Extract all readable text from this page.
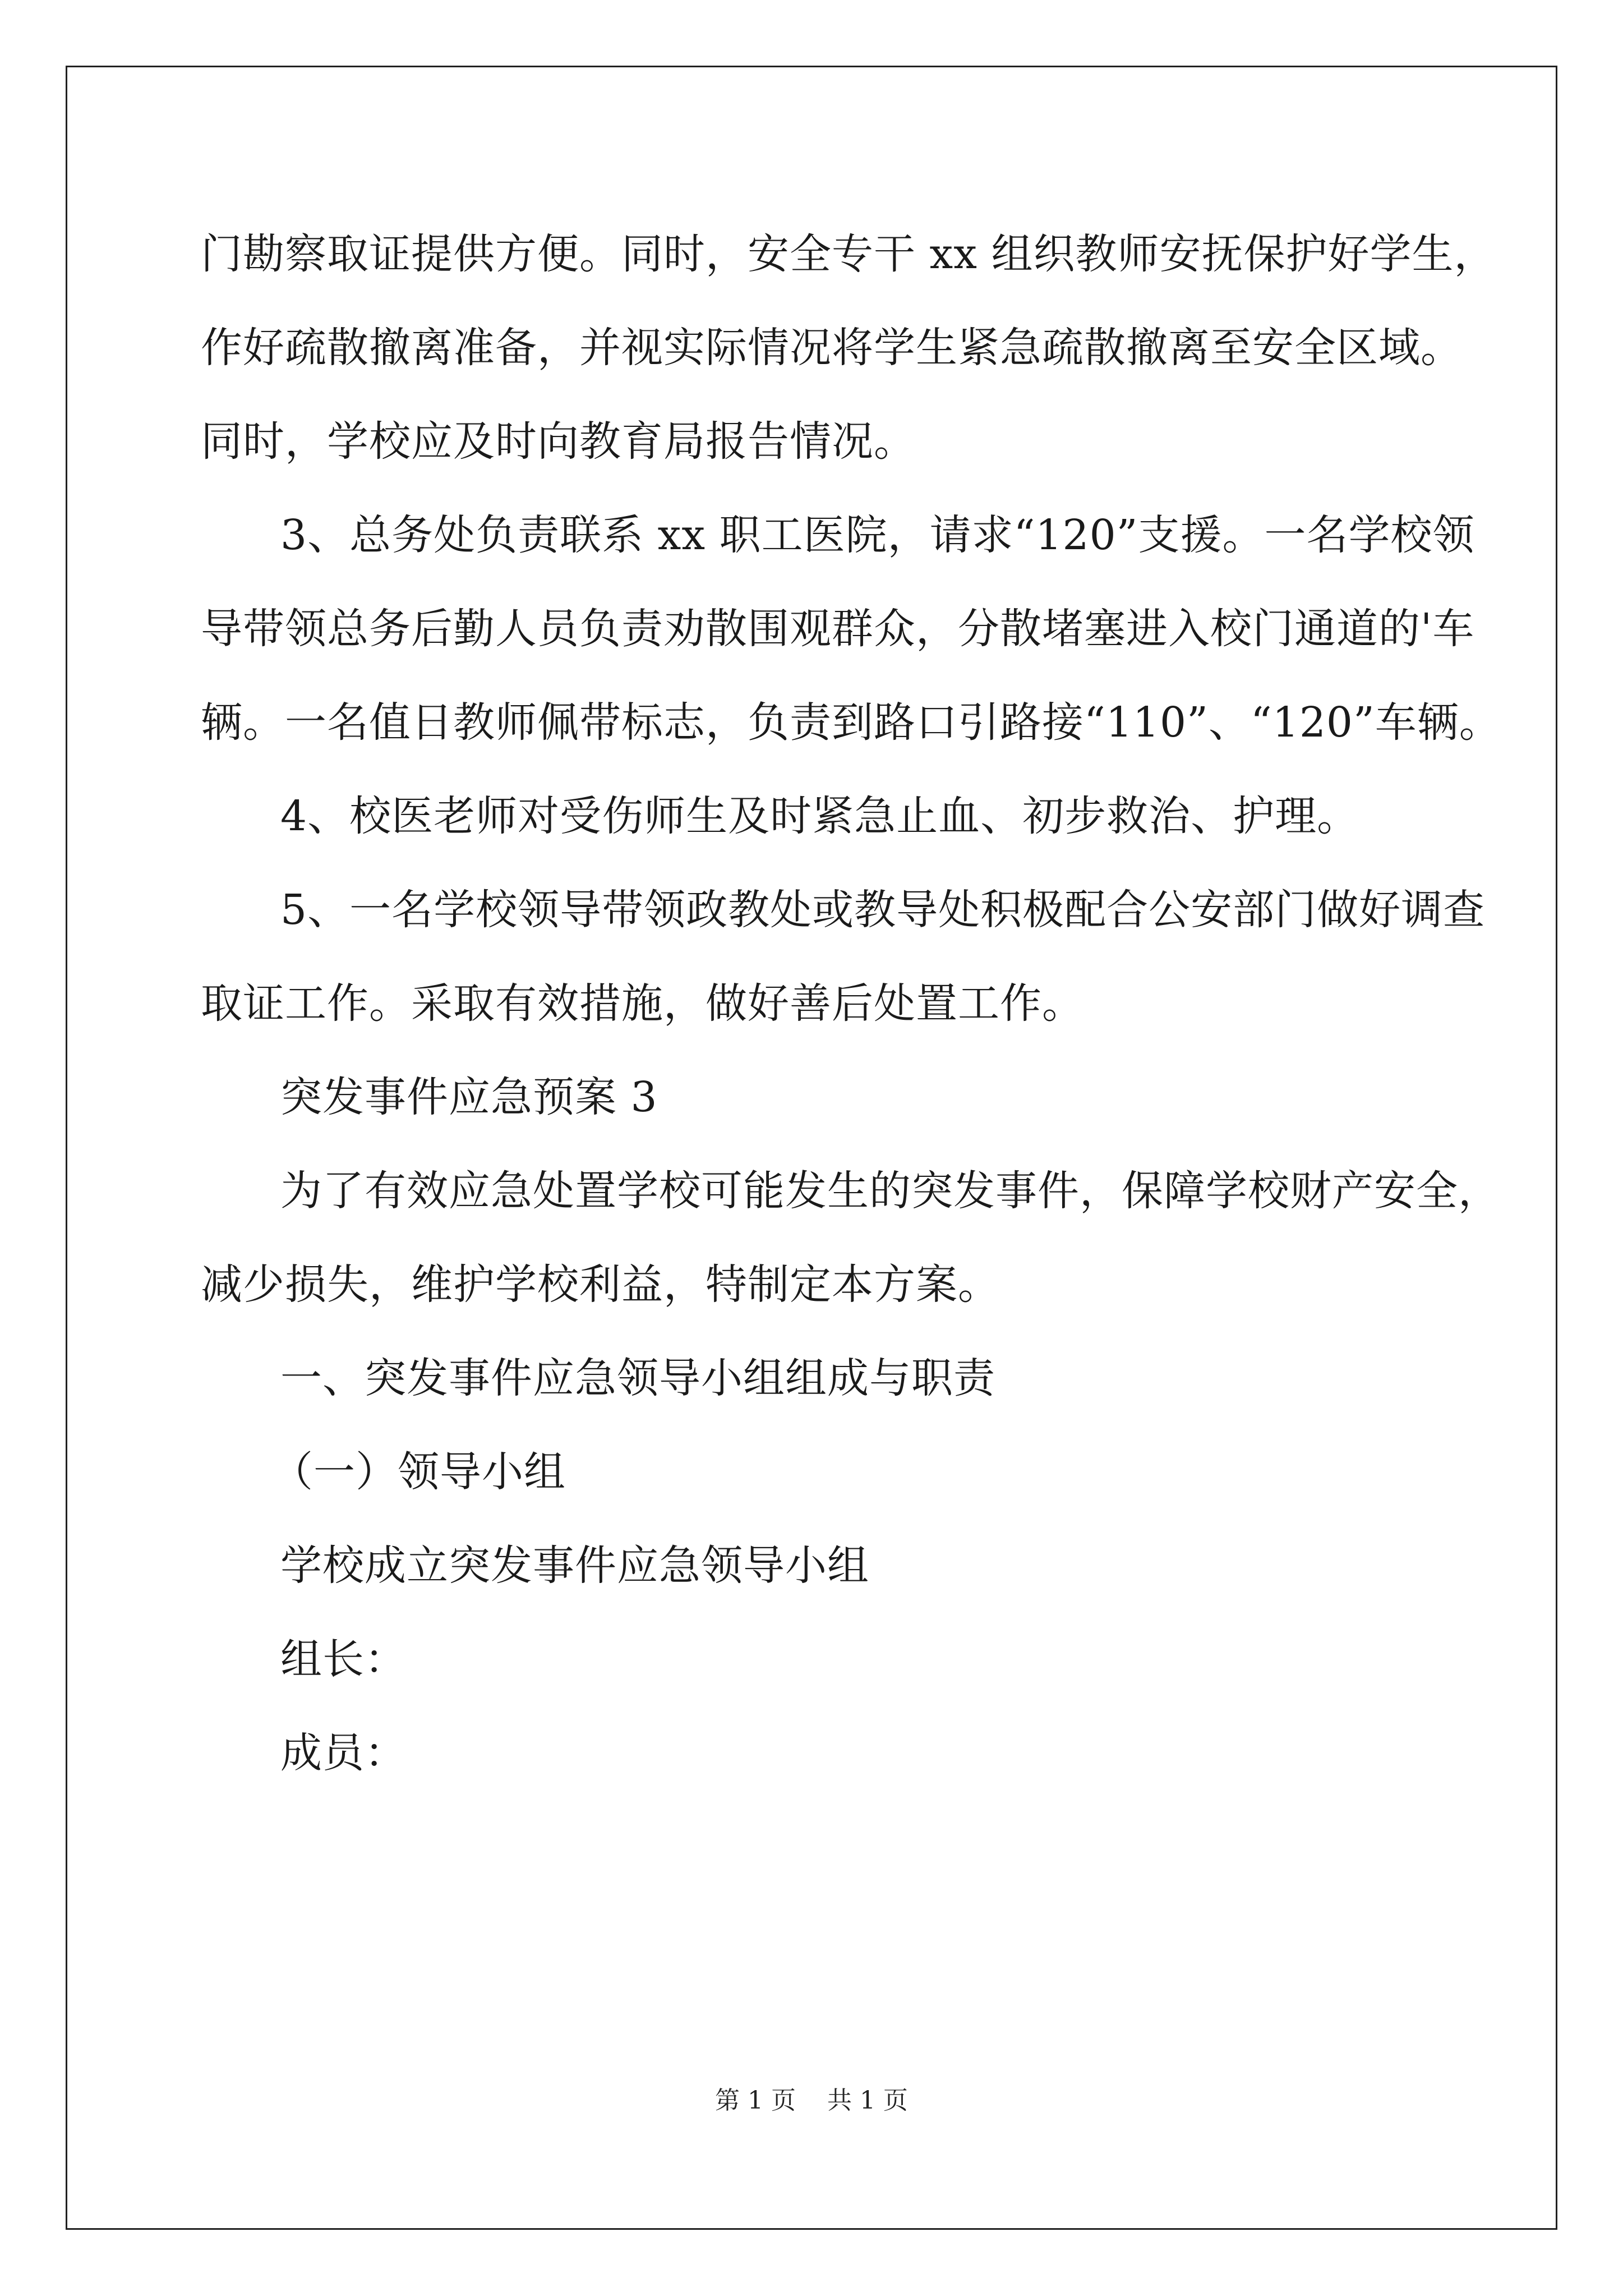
门勘察取证提供方便。同时，安全专干 xx 组织教师安抚保护好学生，
作好疏散撤离准备，并视实际情况将学生紧急疏散撤离至安全区域。
同时，学校应及时向教育局报告情况。
3、总务处负责联系 xx 职工医院，请求“120”支援。一名学校领
导带领总务后勤人员负责劝散围观群众，分散堵塞进入校门通道的'车
辆。一名值日教师佩带标志，负责到路口引路接“110”、“120”车辆。
4、校医老师对受伤师生及时紧急止血、初步救治、护理。
5、一名学校领导带领政教处或教导处积极配合公安部门做好调查
取证工作。采取有效措施，做好善后处置工作。
突发事件应急预案 3
为了有效应急处置学校可能发生的突发事件，保障学校财产安全，
减少损失，维护学校利益，特制定本方案。
一、突发事件应急领导小组组成与职责
（一）领导小组
学校成立突发事件应急领导小组
组长：
成员：
第 1 页    共 1 页
